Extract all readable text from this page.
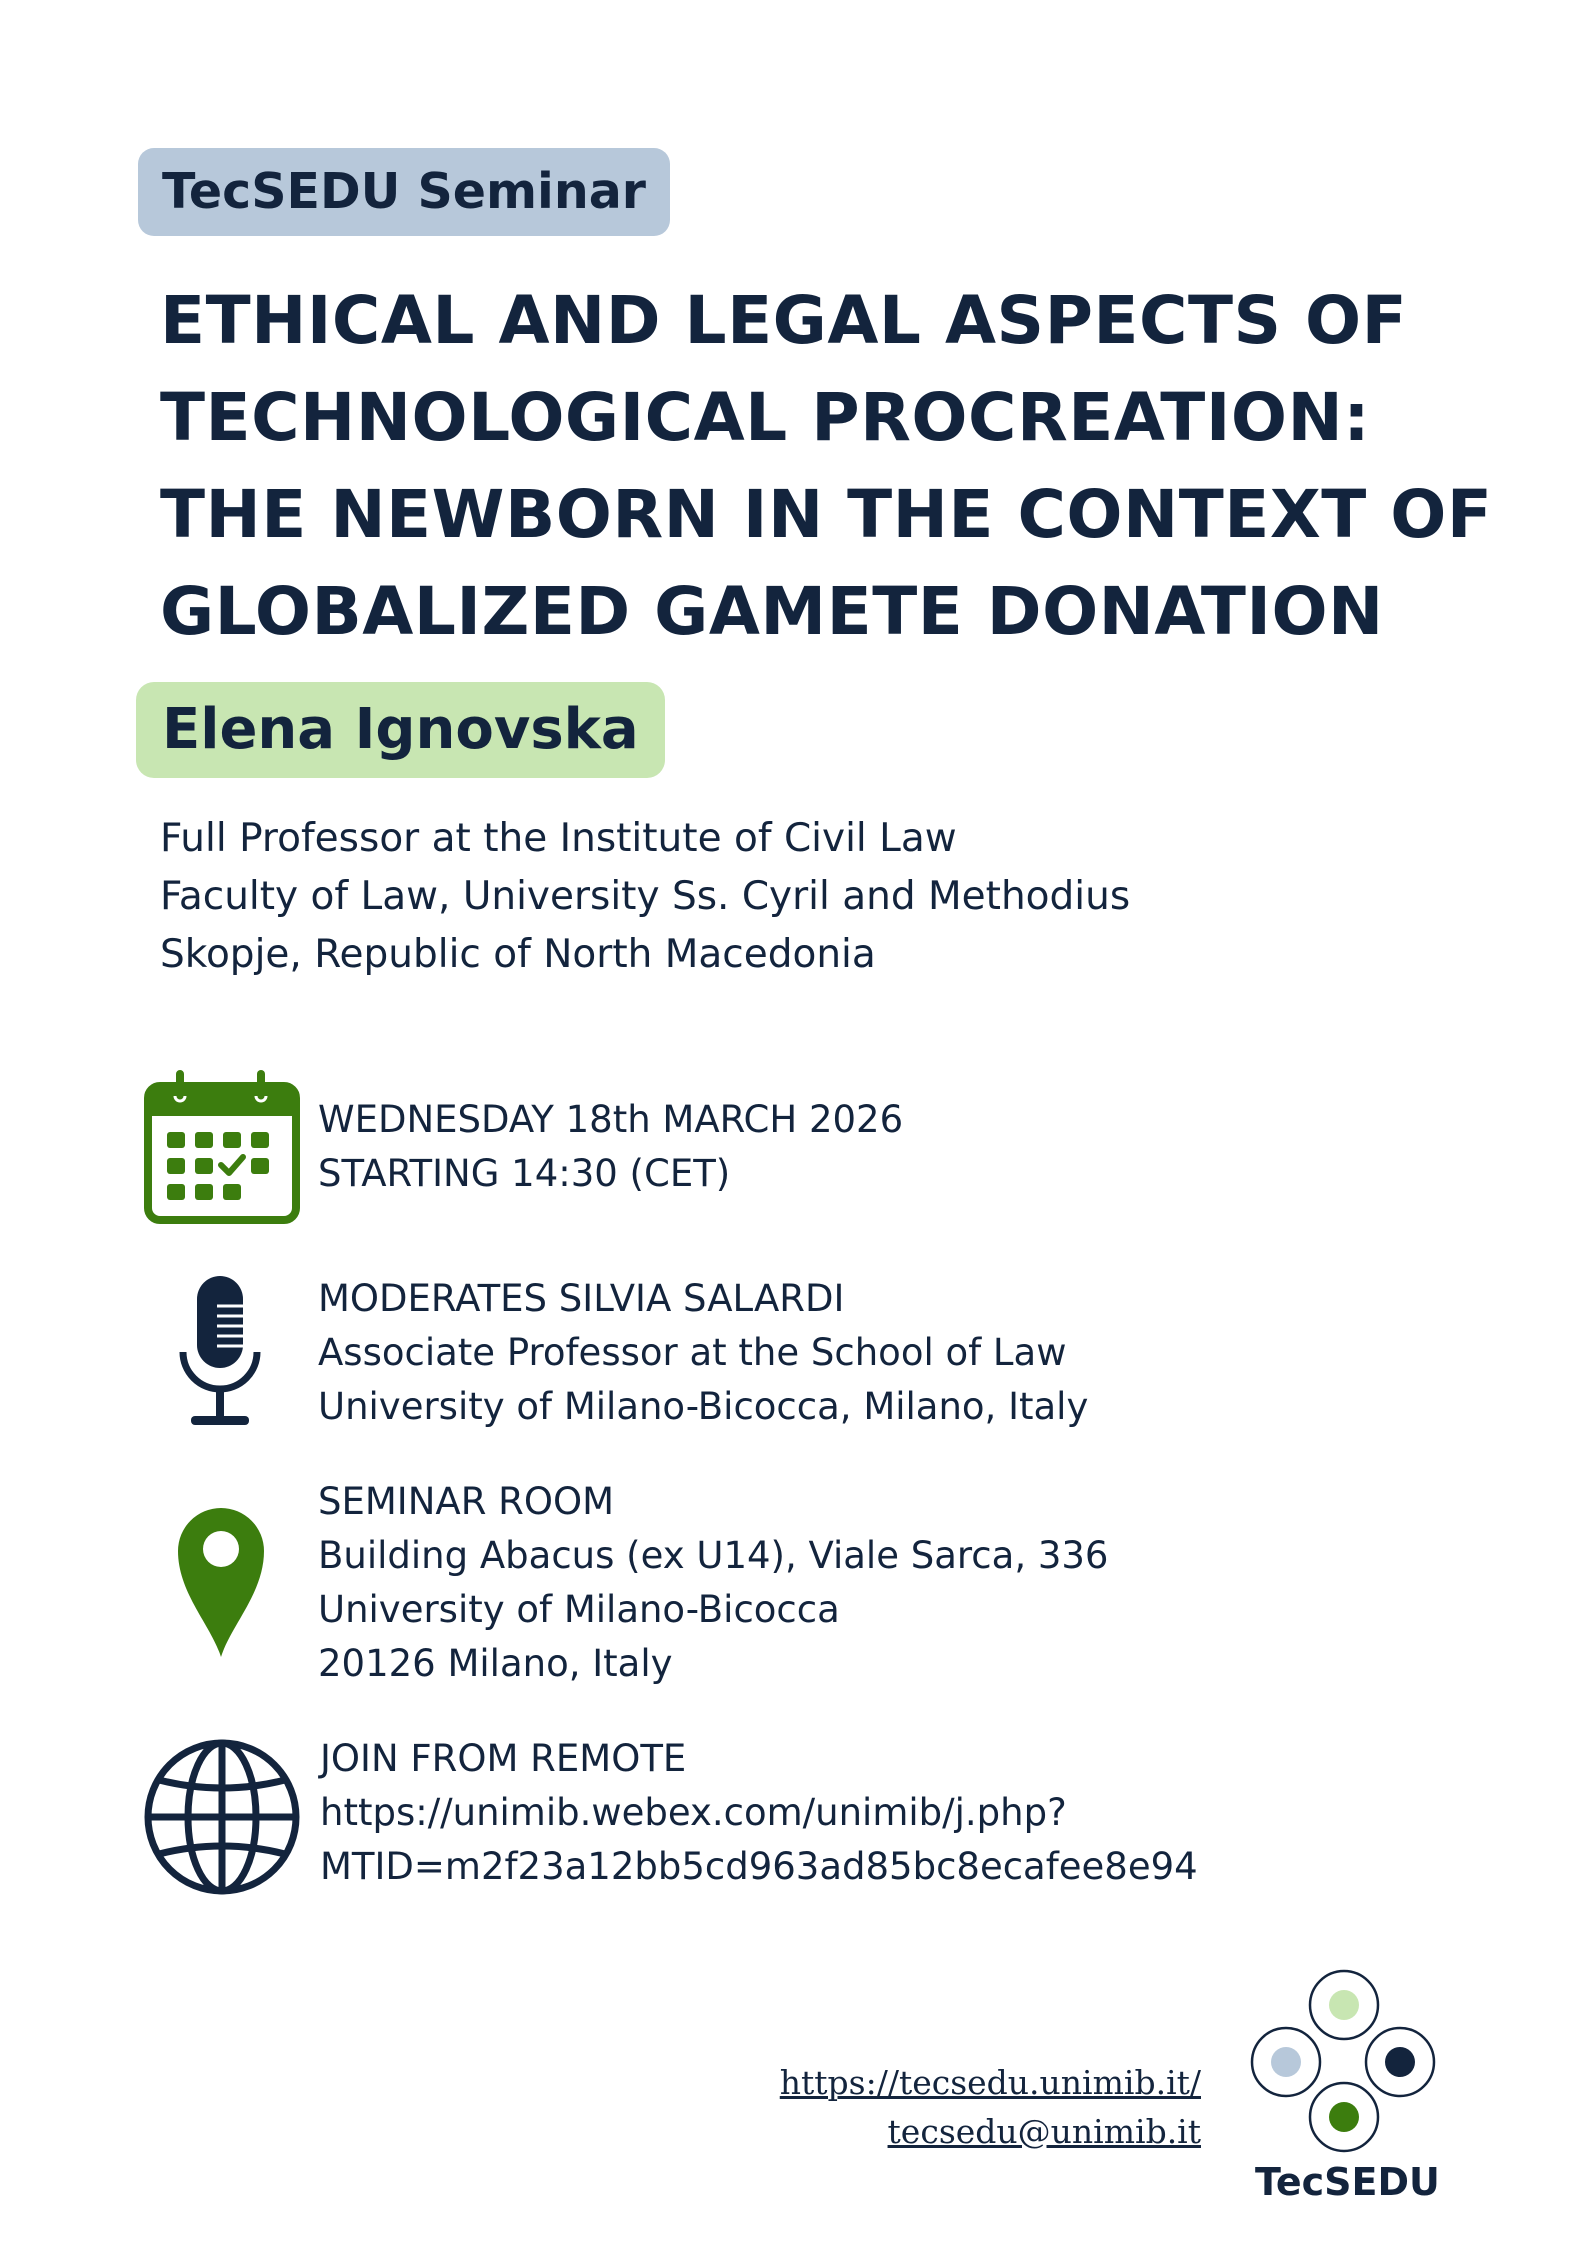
TecSEDU Seminar
ETHICAL AND LEGAL ASPECTS OF
TECHNOLOGICAL PROCREATION:
THE NEWBORN IN THE CONTEXT OF
GLOBALIZED GAMETE DONATION
Elena Ignovska
Full Professor at the Institute of Civil Law
Faculty of Law, University Ss. Cyril and Methodius
Skopje, Republic of North Macedonia
WEDNESDAY 18th MARCH 2026
STARTING 14:30 (CET)
MODERATES SILVIA SALARDI
Associate Professor at the School of Law
University of Milano-Bicocca, Milano, Italy
SEMINAR ROOM
Building Abacus (ex U14), Viale Sarca, 336
University of Milano-Bicocca
20126 Milano, Italy
JOIN FROM REMOTE
https://unimib.webex.com/unimib/j.php?
MTID=m2f23a12bb5cd963ad85bc8ecafee8e94
https://tecsedu.unimib.it/
tecsedu@unimib.it
TecSEDU
